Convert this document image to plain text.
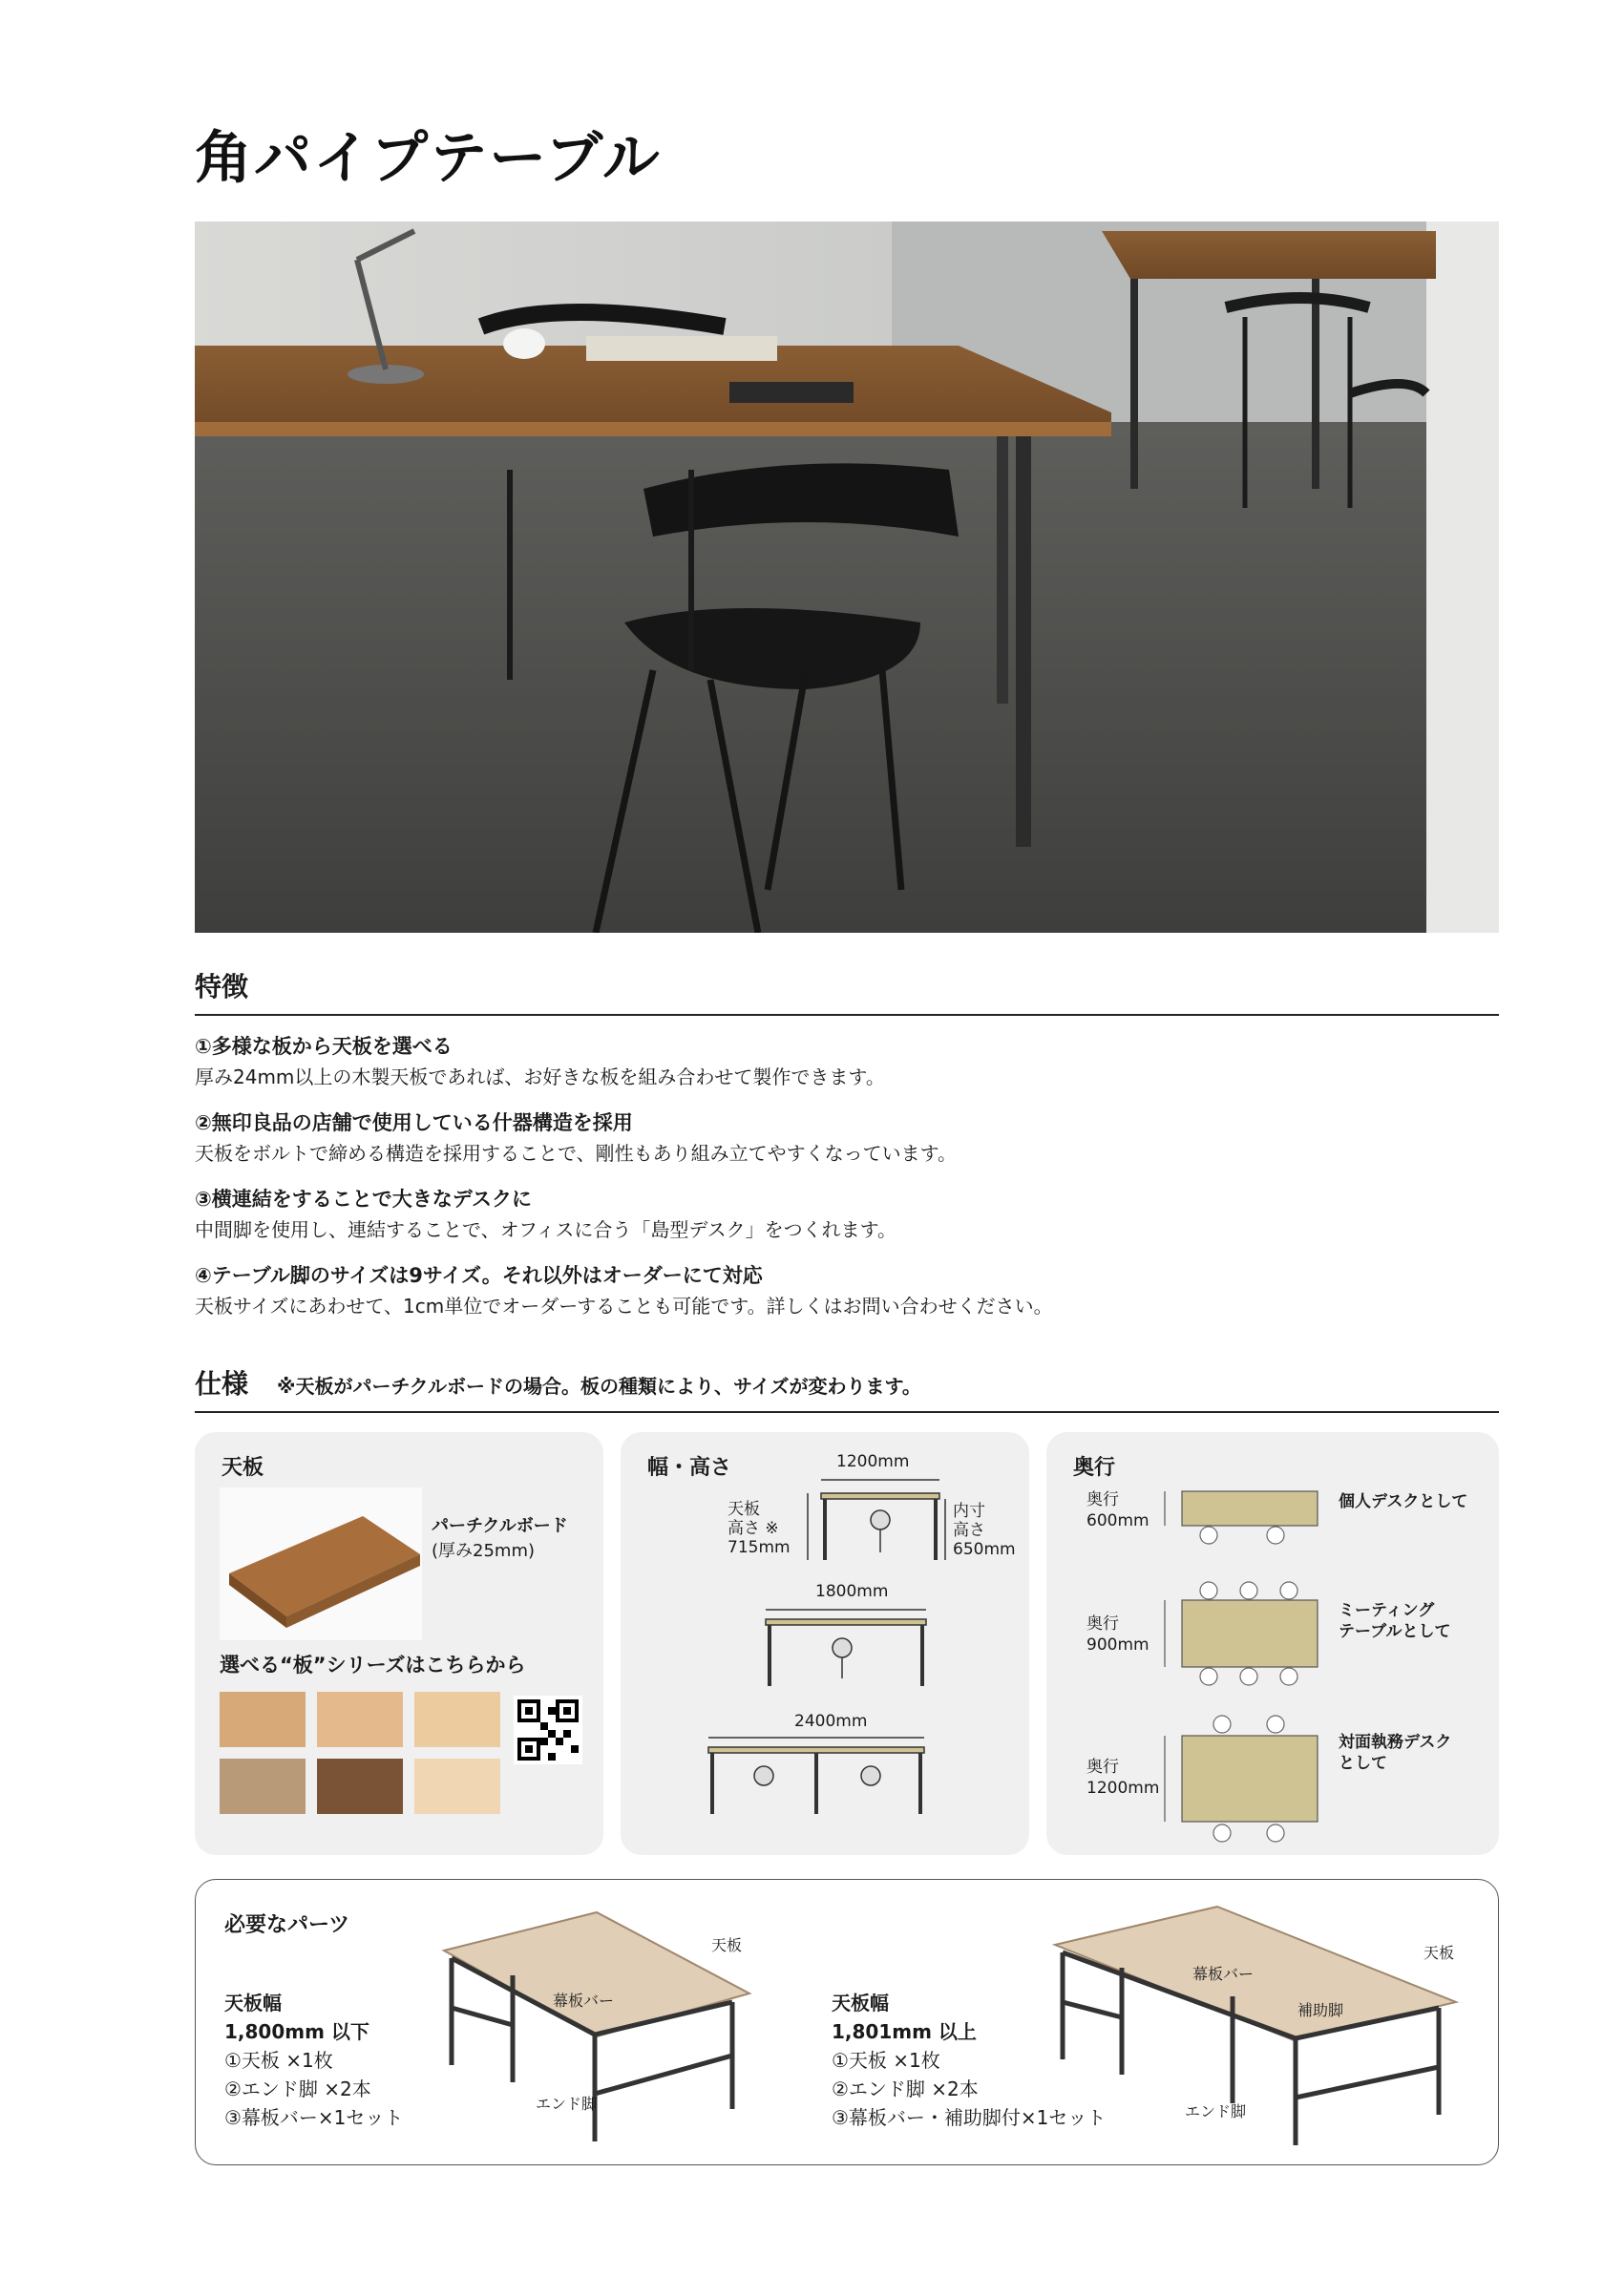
角パイプテーブル
特徴
①多様な板から天板を選べる
厚み24mm以上の木製天板であれば、お好きな板を組み合わせて製作できます。
②無印良品の店舗で使用している什器構造を採用
天板をボルトで締める構造を採用することで、剛性もあり組み立てやすくなっています。
③横連結をすることで大きなデスクに
中間脚を使用し、連結することで、オフィスに合う「島型デスク」をつくれます。
④テーブル脚のサイズは9サイズ。それ以外はオーダーにて対応
天板サイズにあわせて、1cm単位でオーダーすることも可能です。詳しくはお問い合わせください。
仕様 ※天板がパーチクルボードの場合。板の種類により、サイズが変わります。
天板
パーチクルボード
(厚み25mm)
選べる“板”シリーズはこちらから
幅・高さ	1200mm
天板
高さ ※
715mm
内寸
高さ
650mm
1800mm
2400mm
奥行
奥行
600mm
個人デスクとして
奥行
900mm
ミーティング
テーブルとして
奥行
1200mm
対面執務デスク
として
必要なパーツ
天板幅
1,800mm 以下
①天板 ×1枚
②エンド脚 ×2本
③幕板バー×1セット
天板
幕板バー
エンド脚
天板幅
1,801mm 以上
①天板 ×1枚
②エンド脚 ×2本
③幕板バー・補助脚付×1セット
天板
幕板バー
補助脚
エンド脚
